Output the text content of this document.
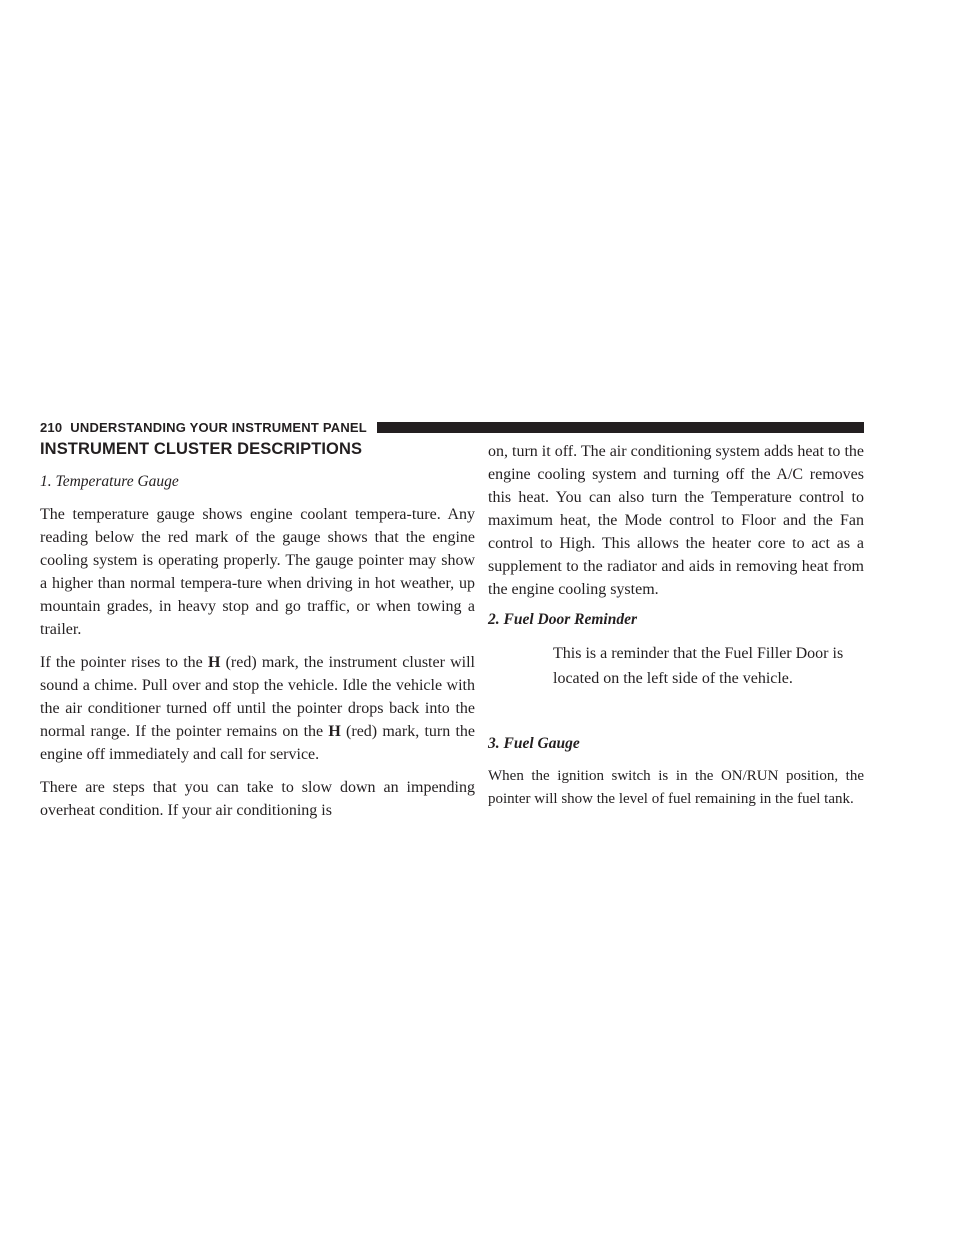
210 UNDERSTANDING YOUR INSTRUMENT PANEL
INSTRUMENT CLUSTER DESCRIPTIONS
1. Temperature Gauge

The temperature gauge shows engine coolant tempera-ture. Any reading below the red mark of the gauge shows that the engine cooling system is operating properly. The gauge pointer may show a higher than normal tempera-ture when driving in hot weather, up mountain grades, in heavy stop and go traffic, or when towing a trailer.

If the pointer rises to the H (red) mark, the instrument cluster will sound a chime. Pull over and stop the vehicle. Idle the vehicle with the air conditioner turned off until the pointer drops back into the normal range. If the pointer remains on the H (red) mark, turn the engine off immediately and call for service.

There are steps that you can take to slow down an impending overheat condition. If your air conditioning is

on, turn it off. The air conditioning system adds heat to the engine cooling system and turning off the A/C removes this heat. You can also turn the Temperature control to maximum heat, the Mode control to Floor and the Fan control to High. This allows the heater core to act as a supplement to the radiator and aids in removing heat from the engine cooling system.

2. Fuel Door Reminder
This is a reminder that the Fuel Filler Door is located on the left side of the vehicle.
3. Fuel Gauge

When the ignition switch is in the ON/RUN position, the pointer will show the level of fuel remaining in the fuel tank.
